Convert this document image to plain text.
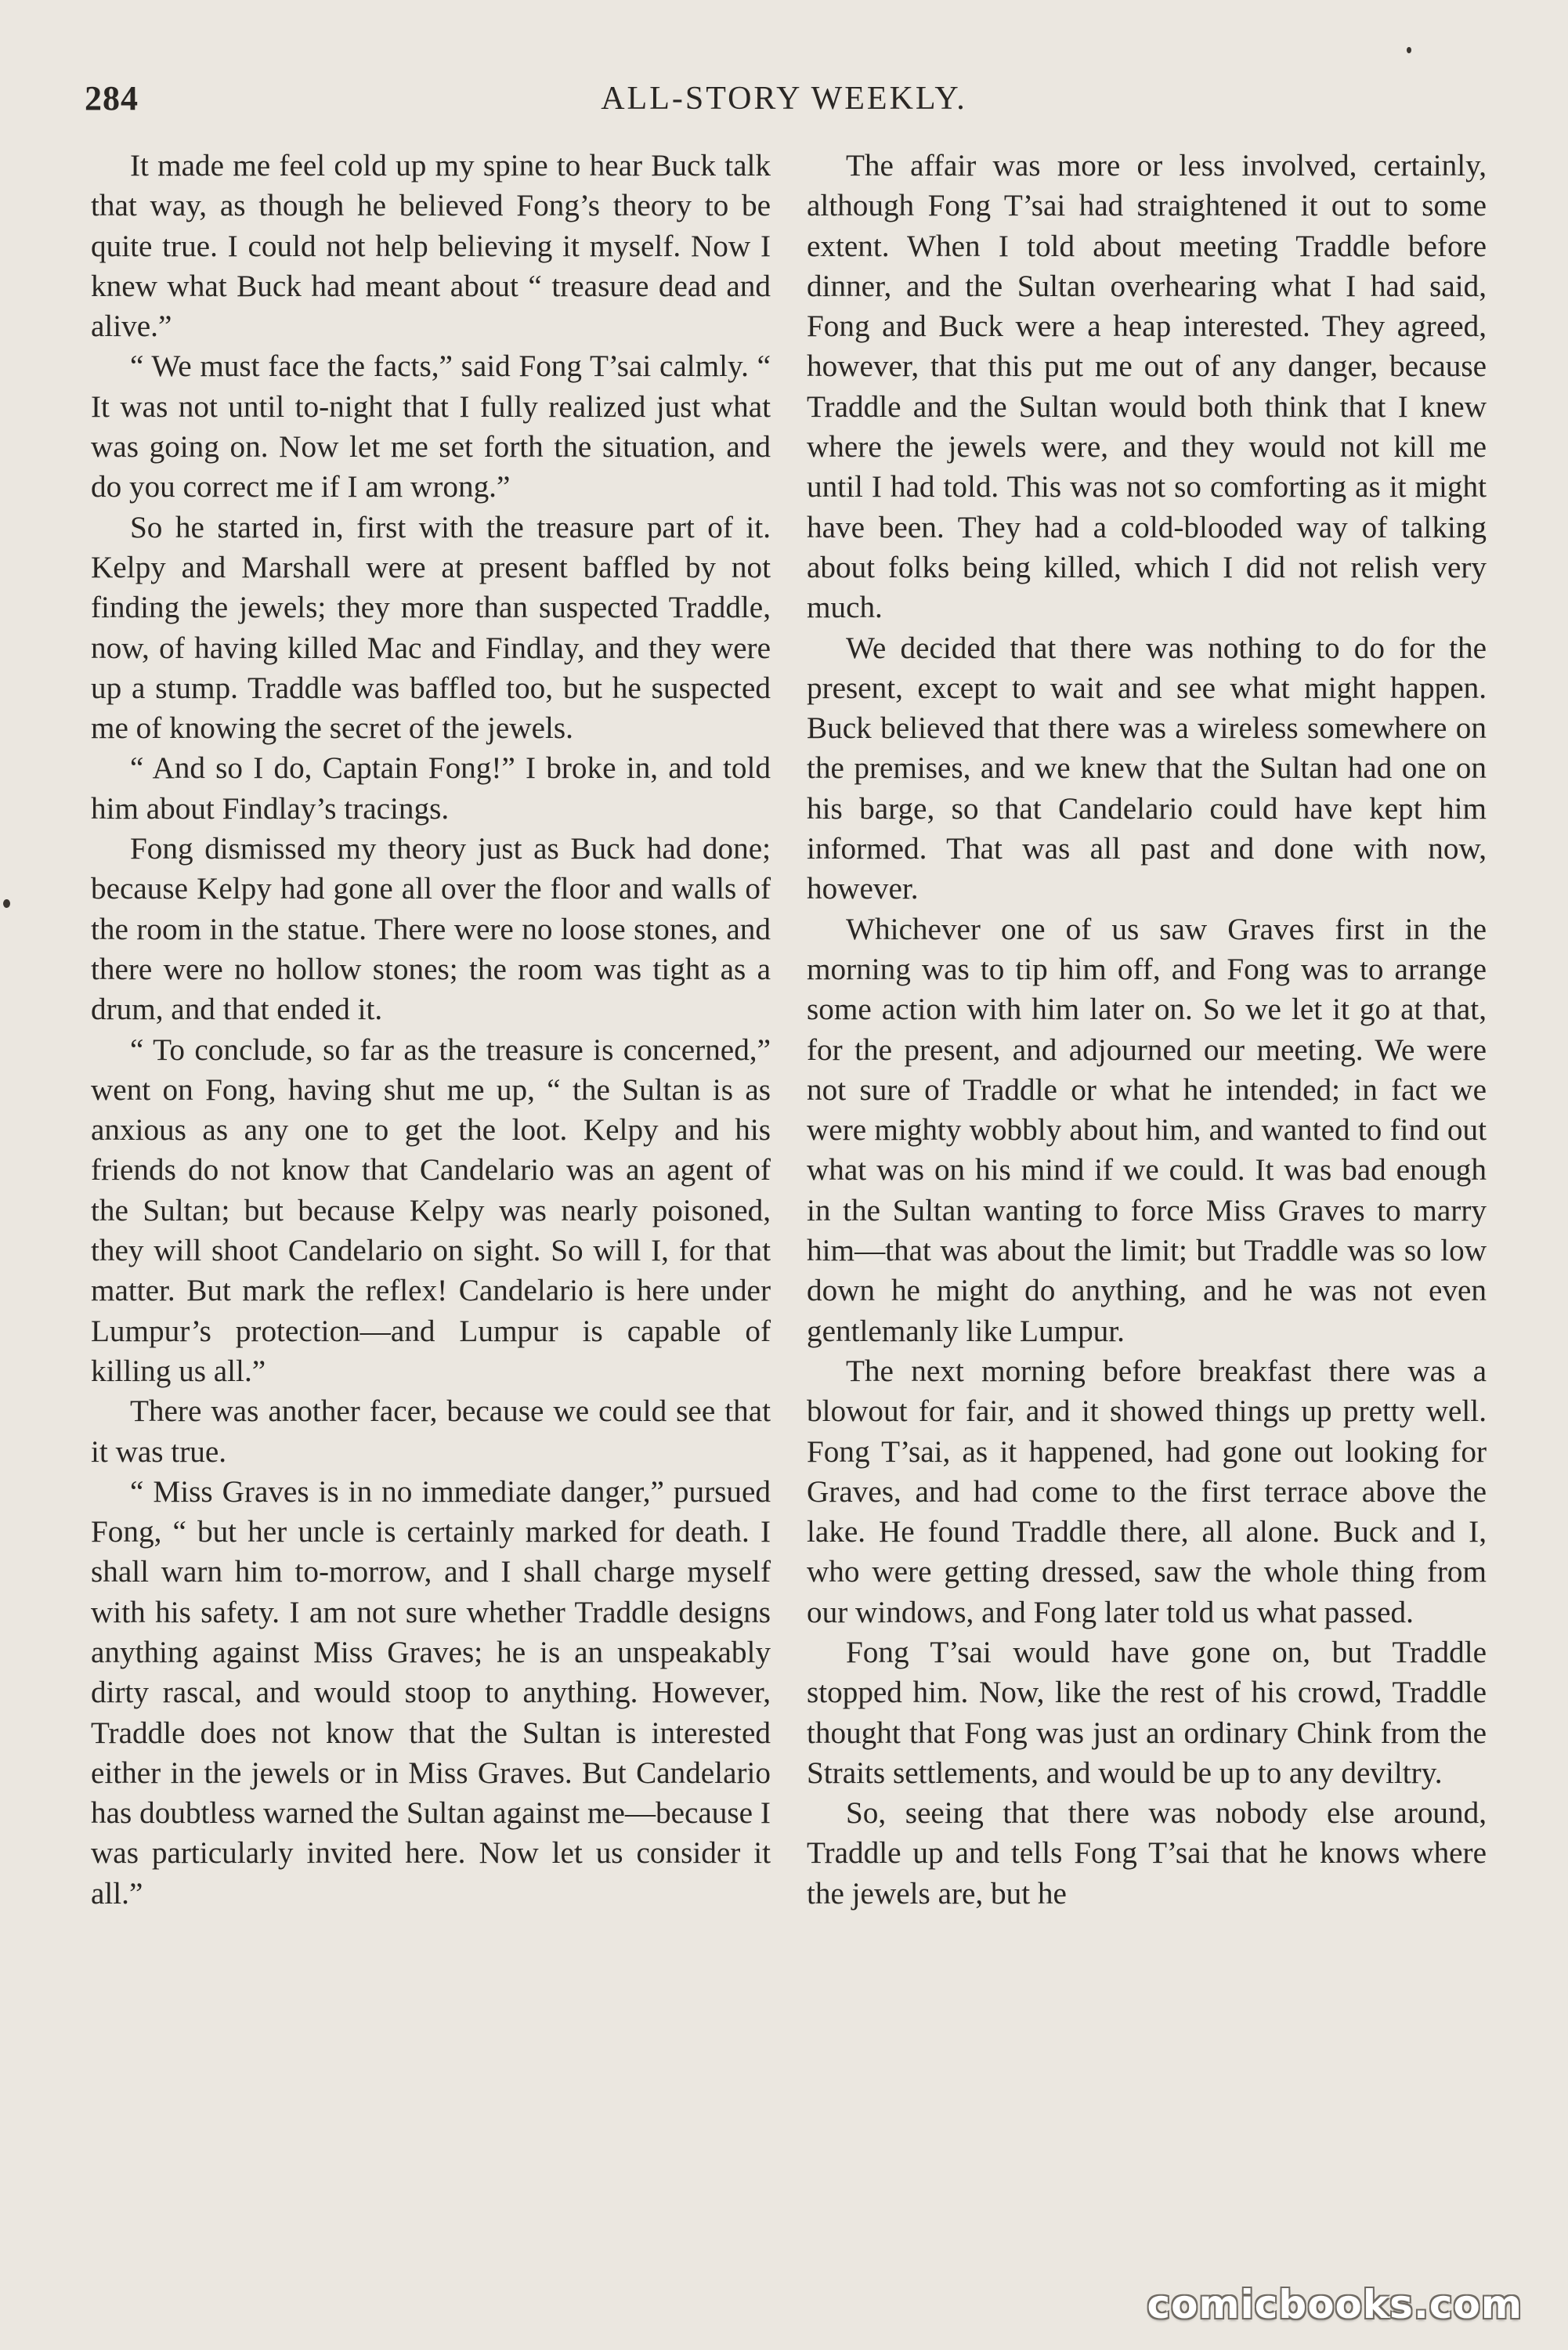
284	ALL-STORY WEEKLY.

It made me feel cold up my spine to hear Buck talk that way, as though he believed Fong’s theory to be quite true. I could not help believing it myself. Now I knew what Buck had meant about “ treasure dead and alive.”

“ We must face the facts,” said Fong T’sai calmly. “ It was not until to-night that I fully realized just what was going on. Now let me set forth the situation, and do you correct me if I am wrong.”

So he started in, first with the treasure part of it. Kelpy and Marshall were at present baffled by not finding the jewels; they more than suspected Traddle, now, of having killed Mac and Findlay, and they were up a stump. Traddle was baffled too, but he suspected me of knowing the secret of the jewels.

“ And so I do, Captain Fong!” I broke in, and told him about Findlay’s tracings.

Fong dismissed my theory just as Buck had done; because Kelpy had gone all over the floor and walls of the room in the statue. There were no loose stones, and there were no hollow stones; the room was tight as a drum, and that ended it.

“ To conclude, so far as the treasure is concerned,” went on Fong, having shut me up, “ the Sultan is as anxious as any one to get the loot. Kelpy and his friends do not know that Candelario was an agent of the Sultan; but because Kelpy was nearly poisoned, they will shoot Candelario on sight. So will I, for that matter. But mark the reflex! Candelario is here under Lumpur’s protection—and Lumpur is capable of killing us all.”

There was another facer, because we could see that it was true.

“ Miss Graves is in no immediate danger,” pursued Fong, “ but her uncle is certainly marked for death. I shall warn him to-morrow, and I shall charge myself with his safety. I am not sure whether Traddle designs anything against Miss Graves; he is an unspeakably dirty rascal, and would stoop to anything. However, Traddle does not know that the Sultan is interested either in the jewels or in Miss Graves. But Candelario has doubtless warned the Sultan against me—because I was particularly invited here. Now let us consider it all.”

The affair was more or less involved, certainly, although Fong T’sai had straightened it out to some extent. When I told about meeting Traddle before dinner, and the Sultan overhearing what I had said, Fong and Buck were a heap interested. They agreed, however, that this put me out of any danger, because Traddle and the Sultan would both think that I knew where the jewels were, and they would not kill me until I had told. This was not so comforting as it might have been. They had a cold-blooded way of talking about folks being killed, which I did not relish very much.

We decided that there was nothing to do for the present, except to wait and see what might happen. Buck believed that there was a wireless somewhere on the premises, and we knew that the Sultan had one on his barge, so that Candelario could have kept him informed. That was all past and done with now, however.

Whichever one of us saw Graves first in the morning was to tip him off, and Fong was to arrange some action with him later on. So we let it go at that, for the present, and adjourned our meeting. We were not sure of Traddle or what he intended; in fact we were mighty wobbly about him, and wanted to find out what was on his mind if we could. It was bad enough in the Sultan wanting to force Miss Graves to marry him—that was about the limit; but Traddle was so low down he might do anything, and he was not even gentlemanly like Lumpur.

The next morning before breakfast there was a blowout for fair, and it showed things up pretty well. Fong T’sai, as it happened, had gone out looking for Graves, and had come to the first terrace above the lake. He found Traddle there, all alone. Buck and I, who were getting dressed, saw the whole thing from our windows, and Fong later told us what passed.

Fong T’sai would have gone on, but Traddle stopped him. Now, like the rest of his crowd, Traddle thought that Fong was just an ordinary Chink from the Straits settlements, and would be up to any deviltry.

So, seeing that there was nobody else around, Traddle up and tells Fong T’sai that he knows where the jewels are, but he

comicbooks.com
